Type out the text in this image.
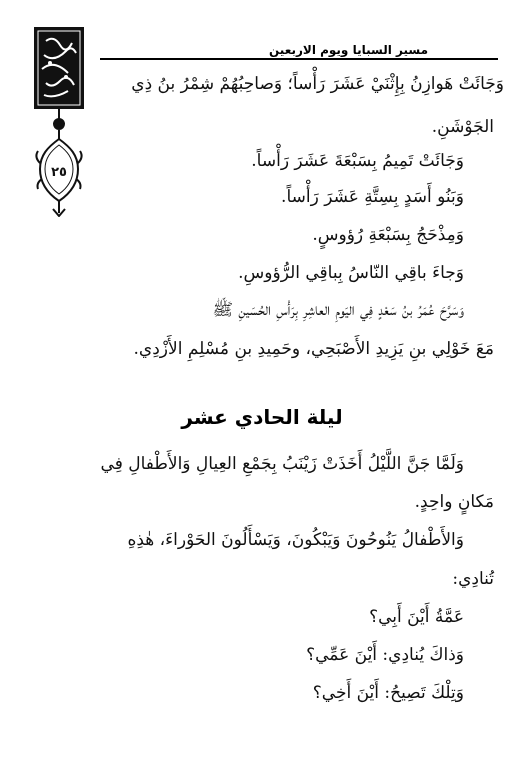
مسير السبايا ويوم الاربعين
٢٥
وَجَائَتْ هَوازِنُ بِإِثْنَيْ عَشَرَ رَأْساً؛ وَصاحِبُهُمْ شِمْرُ بنُ ذِي
الجَوْشَنِ.
وَجَائَتْ تَمِيمُ بِسَبْعَةَ عَشَرَ رَأْساً.
وَبَنُو أَسَدٍ بِسِتَّةِ عَشَرَ رَأْساً.
وَمِذْحَجُ بِسَبْعَةِ رُؤوسٍ.
وَجاءَ باقِي النّاسُ بِباقِي الرُّؤوسِ.
وَسَرَّحَ عُمَرُ بنُ سَعْدٍ فِي اليَومِ العاشِرِ بِرَأْسِ الحُسَينِ ﷺ
مَعَ خَوْلِي بنِ يَزِيدِ الأَصْبَحِي، وحَمِيدِ بنِ مُسْلِمِ الأَزْدِي.
ليلة الحادي عشر
وَلَمَّا جَنَّ اللَّيْلُ أَخَذَتْ زَيْنَبُ بِجَمْعِ العِيالِ وَالأَطْفالِ فِي
مَكانٍ واحِدٍ.
وَالأَطْفالُ يَنُوحُونَ وَيَبْكُونَ، وَيَسْأَلُونَ الحَوْراءَ، هٰذِهِ
تُنادِي:
عَمَّةُ أَيْنَ أَبِي؟
وَذاكَ يُنادِي: أَيْنَ عَمِّي؟
وَتِلْكَ تَصِيحُ: أَيْنَ أَخِي؟
